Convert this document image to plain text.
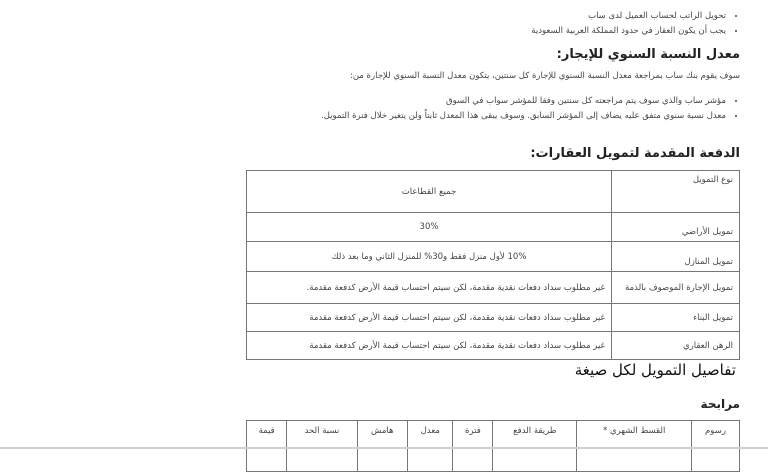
• تحويل الراتب لحساب العميل لدى ساب
• يجب أن يكون العقار في حدود المملكة العربية السعودية
معدل النسبة السنوي للإيجار:
سوف يقوم بنك ساب بمراجعة معدل النسبة السنوي للإجارة كل سنتين، يتكون معدل النسبة السنوي للإجارة من:
• مؤشر ساب والذي سوف يتم مراجعته كل سنتين وفقا للمؤشر سواب في السوق
• معدل نسبة سنوي متفق عليه يضاف إلى المؤشر السابق. وسوف يبقى هذا المعدل ثابتاً ولن يتغير خلال فترة التمويل.
الدفعة المقدمة لتمويل العقارات:
نوع التمويل	جميع القطاعات
تمويل الأراضي	30%
تمويل المنازل	10% لأول منزل فقط و30% للمنزل الثاني وما بعد ذلك
تمويل الإجارة الموصوف بالذمة	غير مطلوب سداد دفعات نقدية مقدمة، لكن سيتم احتساب قيمة الأرض كدفعة مقدمة.
تمويل البناء	غير مطلوب سداد دفعات نقدية مقدمة، لكن سيتم احتساب قيمة الأرض كدفعة مقدمة
الرهن العقاري	غير مطلوب سداد دفعات نقدية مقدمة، لكن سيتم احتساب قيمة الأرض كدفعة مقدمة
تفاصيل التمويل لكل صيغة
مرابحة
رسوم	القسط الشهري *	طريقة الدفع	فترة	معدل	هامش	نسبة الحد	قيمة
